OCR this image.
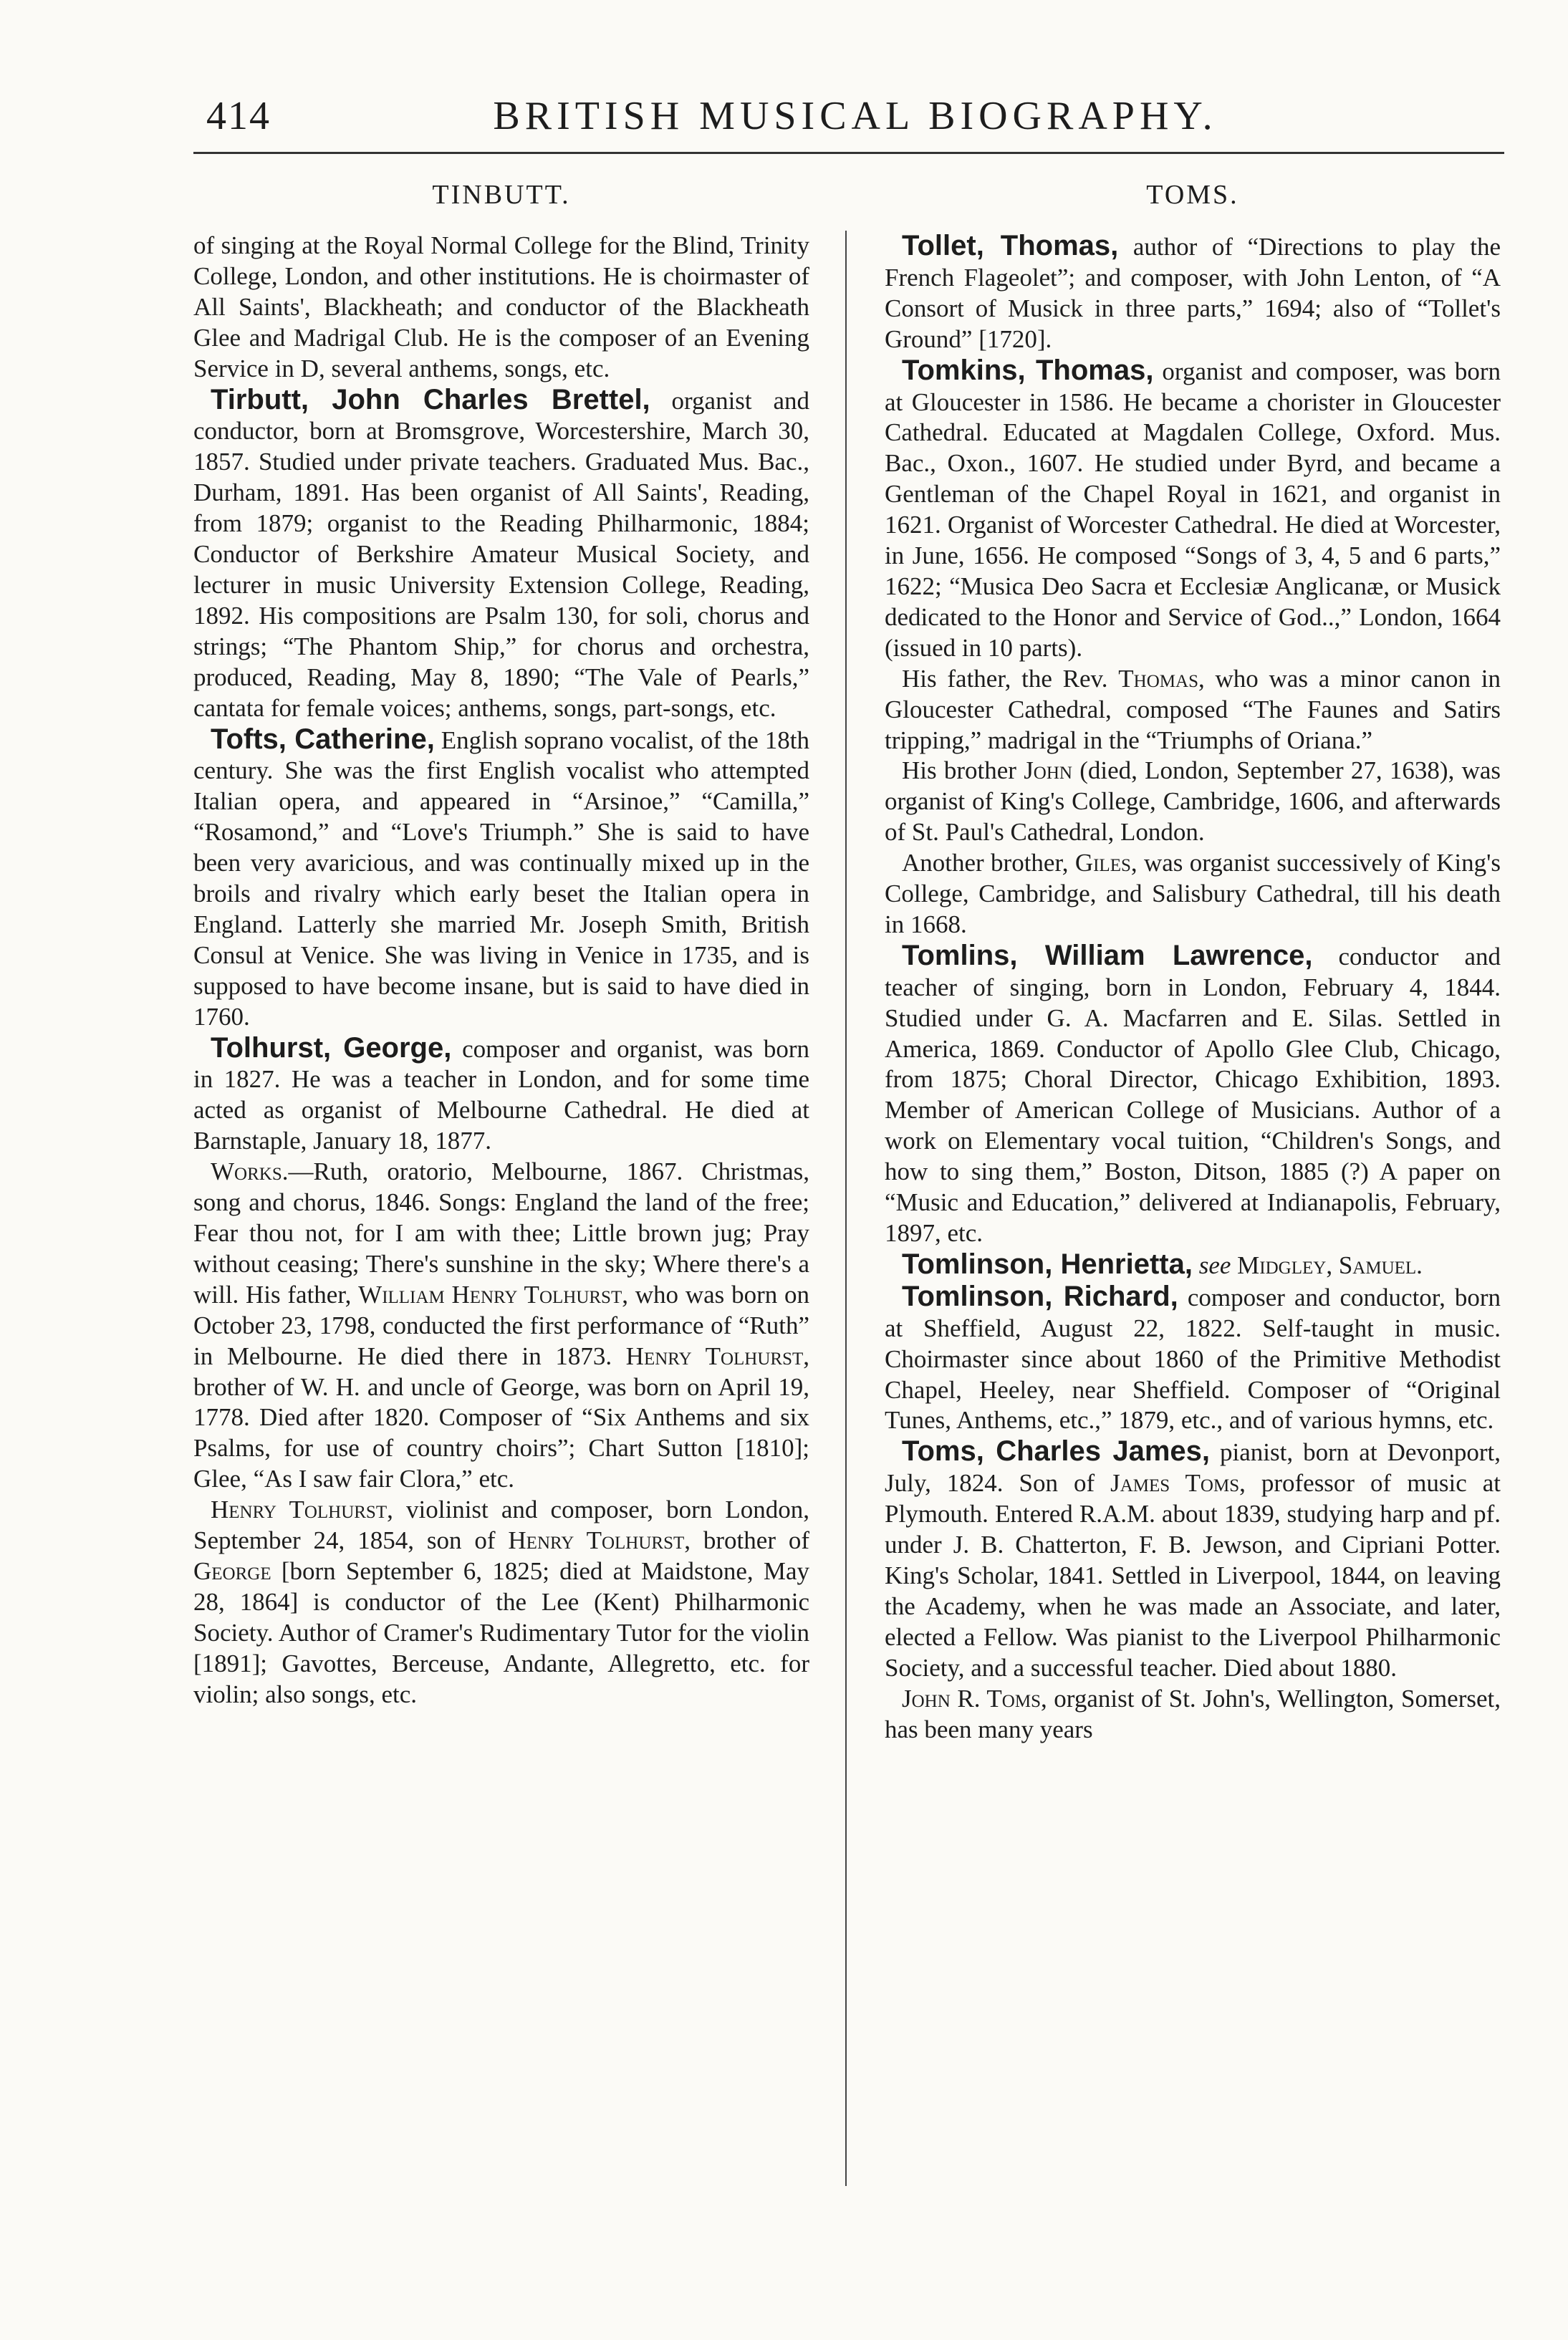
414	BRITISH MUSICAL BIOGRAPHY.
TINBUTT.

of singing at the Royal Normal College for the Blind, Trinity College, London, and other institutions. He is choirmaster of All Saints', Blackheath; and conductor of the Blackheath Glee and Madrigal Club. He is the composer of an Evening Service in D, several anthems, songs, etc.

Tirbutt, John Charles Brettel, organist and conductor, born at Bromsgrove, Worcestershire, March 30, 1857. Studied under private teachers. Graduated Mus. Bac., Durham, 1891. Has been organist of All Saints', Reading, from 1879; organist to the Reading Philharmonic, 1884; Conductor of Berkshire Amateur Musical Society, and lecturer in music University Extension College, Reading, 1892. His compositions are Psalm 130, for soli, chorus and strings; “The Phantom Ship,” for chorus and orchestra, produced, Reading, May 8, 1890; “The Vale of Pearls,” cantata for female voices; anthems, songs, part-songs, etc.

Tofts, Catherine, English soprano vocalist, of the 18th century. She was the first English vocalist who attempted Italian opera, and appeared in “Arsinoe,” “Camilla,” “Rosamond,” and “Love's Triumph.” She is said to have been very avaricious, and was continually mixed up in the broils and rivalry which early beset the Italian opera in England. Latterly she married Mr. Joseph Smith, British Consul at Venice. She was living in Venice in 1735, and is supposed to have become insane, but is said to have died in 1760.

Tolhurst, George, composer and organist, was born in 1827. He was a teacher in London, and for some time acted as organist of Melbourne Cathedral. He died at Barnstaple, January 18, 1877.

Works.—Ruth, oratorio, Melbourne, 1867. Christmas, song and chorus, 1846. Songs: England the land of the free; Fear thou not, for I am with thee; Little brown jug; Pray without ceasing; There's sunshine in the sky; Where there's a will. His father, William Henry Tolhurst, who was born on October 23, 1798, conducted the first performance of “Ruth” in Melbourne. He died there in 1873. Henry Tolhurst, brother of W. H. and uncle of George, was born on April 19, 1778. Died after 1820. Composer of “Six Anthems and six Psalms, for use of country choirs”; Chart Sutton [1810]; Glee, “As I saw fair Clora,” etc.

Henry Tolhurst, violinist and composer, born London, September 24, 1854, son of Henry Tolhurst, brother of George [born September 6, 1825; died at Maidstone, May 28, 1864] is conductor of the Lee (Kent) Philharmonic Society. Author of Cramer's Rudimentary Tutor for the violin [1891]; Gavottes, Berceuse, Andante, Allegretto, etc. for violin; also songs, etc.

TOMS.

Tollet, Thomas, author of “Directions to play the French Flageolet”; and composer, with John Lenton, of “A Consort of Musick in three parts,” 1694; also of “Tollet's Ground” [1720].

Tomkins, Thomas, organist and composer, was born at Gloucester in 1586. He became a chorister in Gloucester Cathedral. Educated at Magdalen College, Oxford. Mus. Bac., Oxon., 1607. He studied under Byrd, and became a Gentleman of the Chapel Royal in 1621, and organist in 1621. Organist of Worcester Cathedral. He died at Worcester, in June, 1656. He composed “Songs of 3, 4, 5 and 6 parts,” 1622; “Musica Deo Sacra et Ecclesiæ Anglicanæ, or Musick dedicated to the Honor and Service of God..,” London, 1664 (issued in 10 parts).

His father, the Rev. Thomas, who was a minor canon in Gloucester Cathedral, composed “The Faunes and Satirs tripping,” madrigal in the “Triumphs of Oriana.”

His brother John (died, London, September 27, 1638), was organist of King's College, Cambridge, 1606, and afterwards of St. Paul's Cathedral, London.

Another brother, Giles, was organist successively of King's College, Cambridge, and Salisbury Cathedral, till his death in 1668.

Tomlins, William Lawrence, conductor and teacher of singing, born in London, February 4, 1844. Studied under G. A. Macfarren and E. Silas. Settled in America, 1869. Conductor of Apollo Glee Club, Chicago, from 1875; Choral Director, Chicago Exhibition, 1893. Member of American College of Musicians. Author of a work on Elementary vocal tuition, “Children's Songs, and how to sing them,” Boston, Ditson, 1885 (?) A paper on “Music and Education,” delivered at Indianapolis, February, 1897, etc.

Tomlinson, Henrietta, see Midgley, Samuel.

Tomlinson, Richard, composer and conductor, born at Sheffield, August 22, 1822. Self-taught in music. Choirmaster since about 1860 of the Primitive Methodist Chapel, Heeley, near Sheffield. Composer of “Original Tunes, Anthems, etc.,” 1879, etc., and of various hymns, etc.

Toms, Charles James, pianist, born at Devonport, July, 1824. Son of James Toms, professor of music at Plymouth. Entered R.A.M. about 1839, studying harp and pf. under J. B. Chatterton, F. B. Jewson, and Cipriani Potter. King's Scholar, 1841. Settled in Liverpool, 1844, on leaving the Academy, when he was made an Associate, and later, elected a Fellow. Was pianist to the Liverpool Philharmonic Society, and a successful teacher. Died about 1880.

John R. Toms, organist of St. John's, Wellington, Somerset, has been many years
